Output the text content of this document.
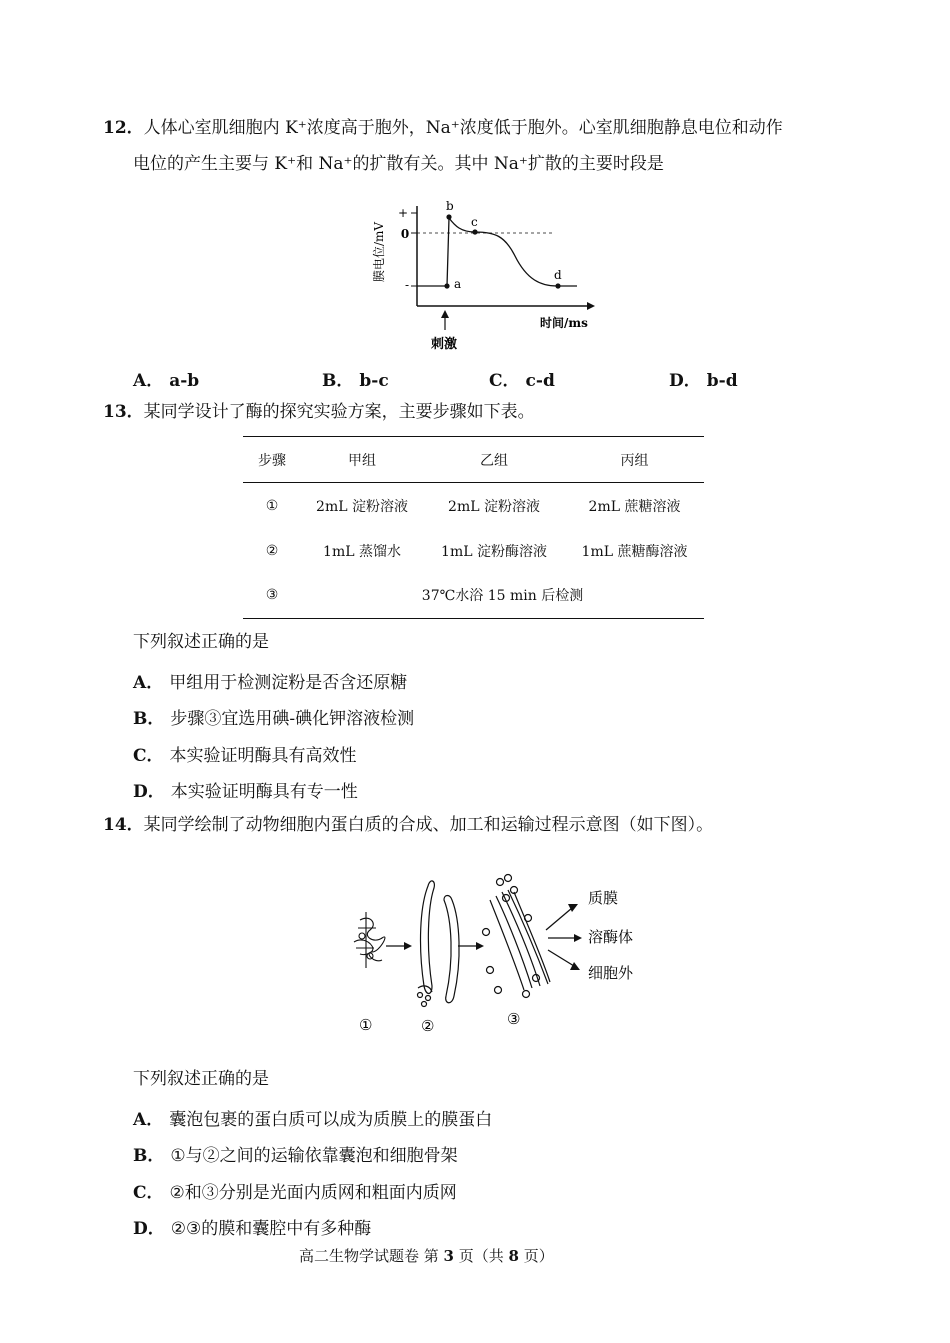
12．人体心室肌细胞内 K⁺浓度高于胞外，Na⁺浓度低于胞外。心室肌细胞静息电位和动作
电位的产生主要与 K⁺和 Na⁺的扩散有关。其中 Na⁺扩散的主要时段是
+
0
-
膜电位/mV
a
b
c
d
刺激
时间/ms
A． a-b	B． b-c	C． c-d	D． b-d
13．某同学设计了酶的探究实验方案，主要步骤如下表。
步骤	甲组	乙组	丙组
①	2mL 淀粉溶液	2mL 淀粉溶液	2mL 蔗糖溶液
②	1mL 蒸馏水	1mL 淀粉酶溶液	1mL 蔗糖酶溶液
③	37℃水浴 15 min 后检测		
下列叙述正确的是
A． 甲组用于检测淀粉是否含还原糖
B． 步骤③宜选用碘-碘化钾溶液检测
C． 本实验证明酶具有高效性
D． 本实验证明酶具有专一性
14．某同学绘制了动物细胞内蛋白质的合成、加工和运输过程示意图（如下图）。
质膜
溶酶体
细胞外
①	②	③
下列叙述正确的是
A． 囊泡包裹的蛋白质可以成为质膜上的膜蛋白
B． ①与②之间的运输依靠囊泡和细胞骨架
C． ②和③分别是光面内质网和粗面内质网
D． ②③的膜和囊腔中有多种酶
高二生物学试题卷 第 3 页（共 8 页）
